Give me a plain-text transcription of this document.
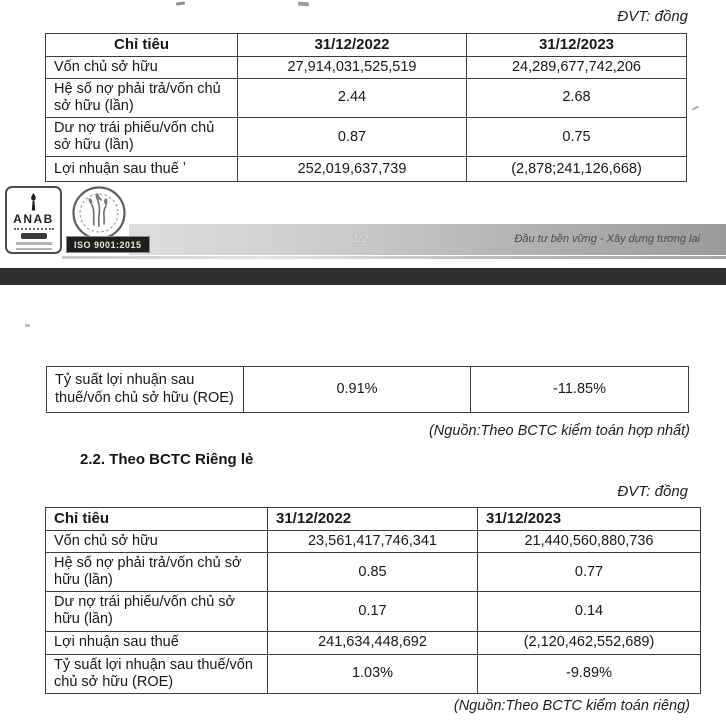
ĐVT: đồng
Chỉ tiêu	31/12/2022	31/12/2023
Vốn chủ sở hữu	27,914,031,525,519	24,289,677,742,206
Hệ số nợ phải trả/vốn chủ sở hữu (lần)	2.44	2.68
Dư nợ trái phiếu/vốn chủ sở hữu (lần)	0.87	0.75
Lợi nhuận sau thuế ʼ	252,019,637,739	(2,878;241,126,668)
ANAB
ISO 9001:2015	1/2	Đầu tư bền vững - Xây dựng tương lai
Tỷ suất lợi nhuận sau thuế/vốn chủ sở hữu (ROE)	0.91%	-11.85%
(Nguồn:Theo BCTC kiểm toán hợp nhất)
2.2. Theo BCTC Riêng lẻ
ĐVT: đồng
Chỉ tiêu	31/12/2022	31/12/2023
Vốn chủ sở hữu	23,561,417,746,341	21,440,560,880,736
Hệ số nợ phải trả/vốn chủ sở hữu (lần)	0.85	0.77
Dư nợ trái phiếu/vốn chủ sở hữu (lần)	0.17	0.14
Lợi nhuận sau thuế	241,634,448,692	(2,120,462,552,689)
Tỷ suất lợi nhuận sau thuế/vốn chủ sở hữu (ROE)	1.03%	-9.89%
(Nguồn:Theo BCTC kiểm toán riêng)
